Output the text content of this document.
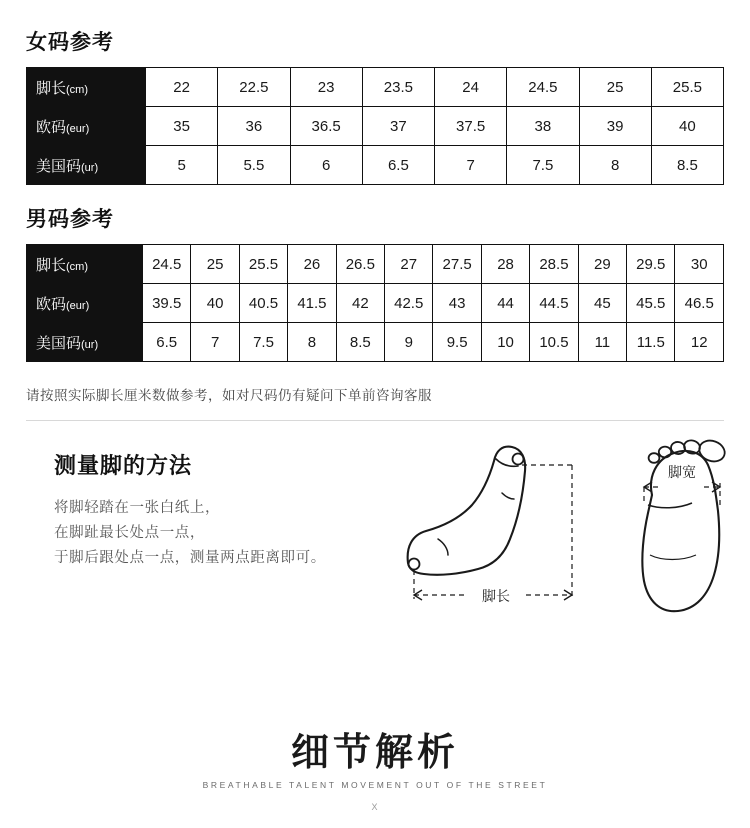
女码参考
脚长(cm)	22	22.5	23	23.5	24	24.5	25	25.5
欧码(eur)	35	36	36.5	37	37.5	38	39	40
美国码(ur)	5	5.5	6	6.5	7	7.5	8	8.5
男码参考
脚长(cm)	24.5	25	25.5	26	26.5	27	27.5	28	28.5	29	29.5	30
欧码(eur)	39.5	40	40.5	41.5	42	42.5	43	44	44.5	45	45.5	46.5
美国码(ur)	6.5	7	7.5	8	8.5	9	9.5	10	10.5	11	11.5	12
请按照实际脚长厘米数做参考，如对尺码仍有疑问下单前咨询客服
测量脚的方法
将脚轻踏在一张白纸上，
在脚趾最长处点一点，
于脚后跟处点一点，测量两点距离即可。
脚长
脚宽
细节解析
BREATHABLE TALENT MOVEMENT OUT OF THE STREET
X
